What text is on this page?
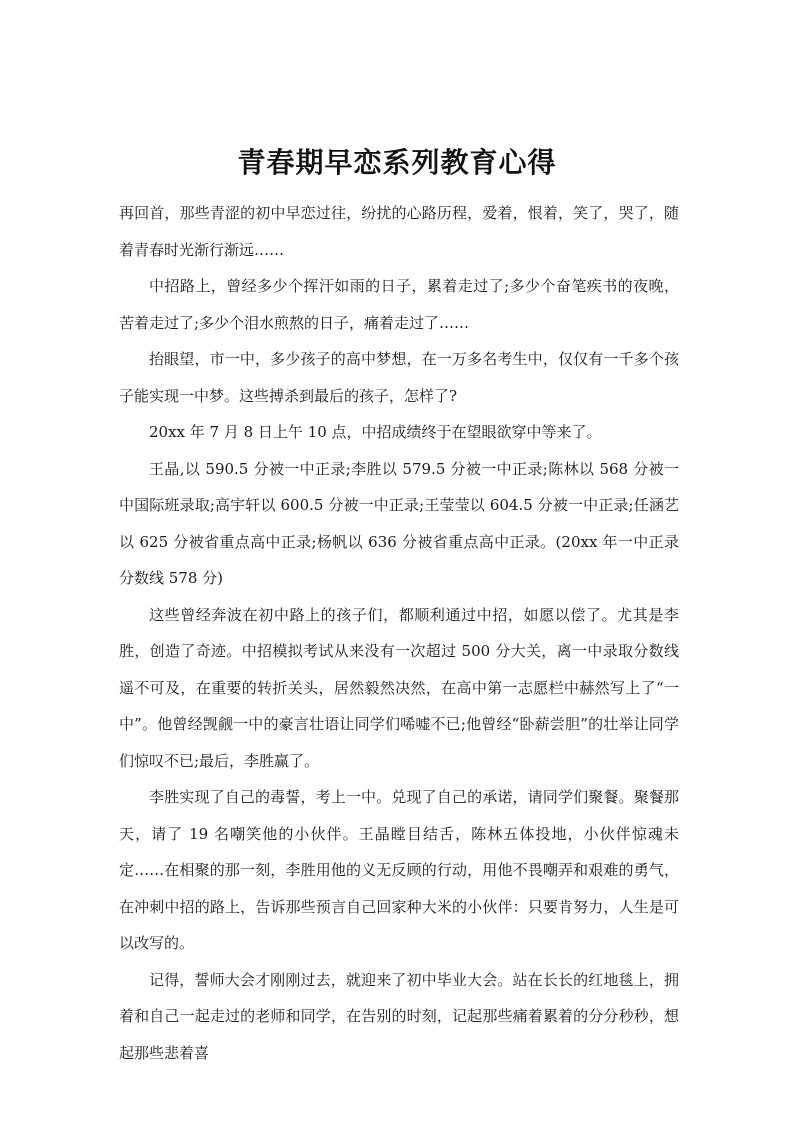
青春期早恋系列教育心得

再回首，那些青涩的初中早恋过往，纷扰的心路历程，爱着，恨着，笑了，哭了，随着青春时光渐行渐远……

中招路上，曾经多少个挥汗如雨的日子，累着走过了;多少个奋笔疾书的夜晚，苦着走过了;多少个泪水煎熬的日子，痛着走过了……

抬眼望，市一中，多少孩子的高中梦想，在一万多名考生中，仅仅有一千多个孩子能实现一中梦。这些搏杀到最后的孩子，怎样了?

20xx 年 7 月 8 日上午 10 点，中招成绩终于在望眼欲穿中等来了。

王晶,以 590.5 分被一中正录;李胜以 579.5 分被一中正录;陈林以 568 分被一中国际班录取;高宇轩以 600.5 分被一中正录;王莹莹以 604.5 分被一中正录;任涵艺以 625 分被省重点高中正录;杨帆以 636 分被省重点高中正录。(20xx 年一中正录分数线 578 分)

这些曾经奔波在初中路上的孩子们，都顺利通过中招，如愿以偿了。尤其是李胜，创造了奇迹。中招模拟考试从来没有一次超过 500 分大关，离一中录取分数线遥不可及，在重要的转折关头，居然毅然决然，在高中第一志愿栏中赫然写上了“一中”。他曾经觊觎一中的豪言壮语让同学们唏嘘不已;他曾经“卧薪尝胆”的壮举让同学们惊叹不已;最后，李胜赢了。

李胜实现了自己的毒誓，考上一中。兑现了自己的承诺，请同学们聚餐。聚餐那天，请了 19 名嘲笑他的小伙伴。王晶瞠目结舌，陈林五体投地，小伙伴惊魂未定……在相聚的那一刻，李胜用他的义无反顾的行动，用他不畏嘲弄和艰难的勇气，在冲刺中招的路上，告诉那些预言自己回家种大米的小伙伴：只要肯努力，人生是可以改写的。

记得，誓师大会才刚刚过去，就迎来了初中毕业大会。站在长长的红地毯上，拥着和自己一起走过的老师和同学，在告别的时刻，记起那些痛着累着的分分秒秒，想起那些悲着喜
